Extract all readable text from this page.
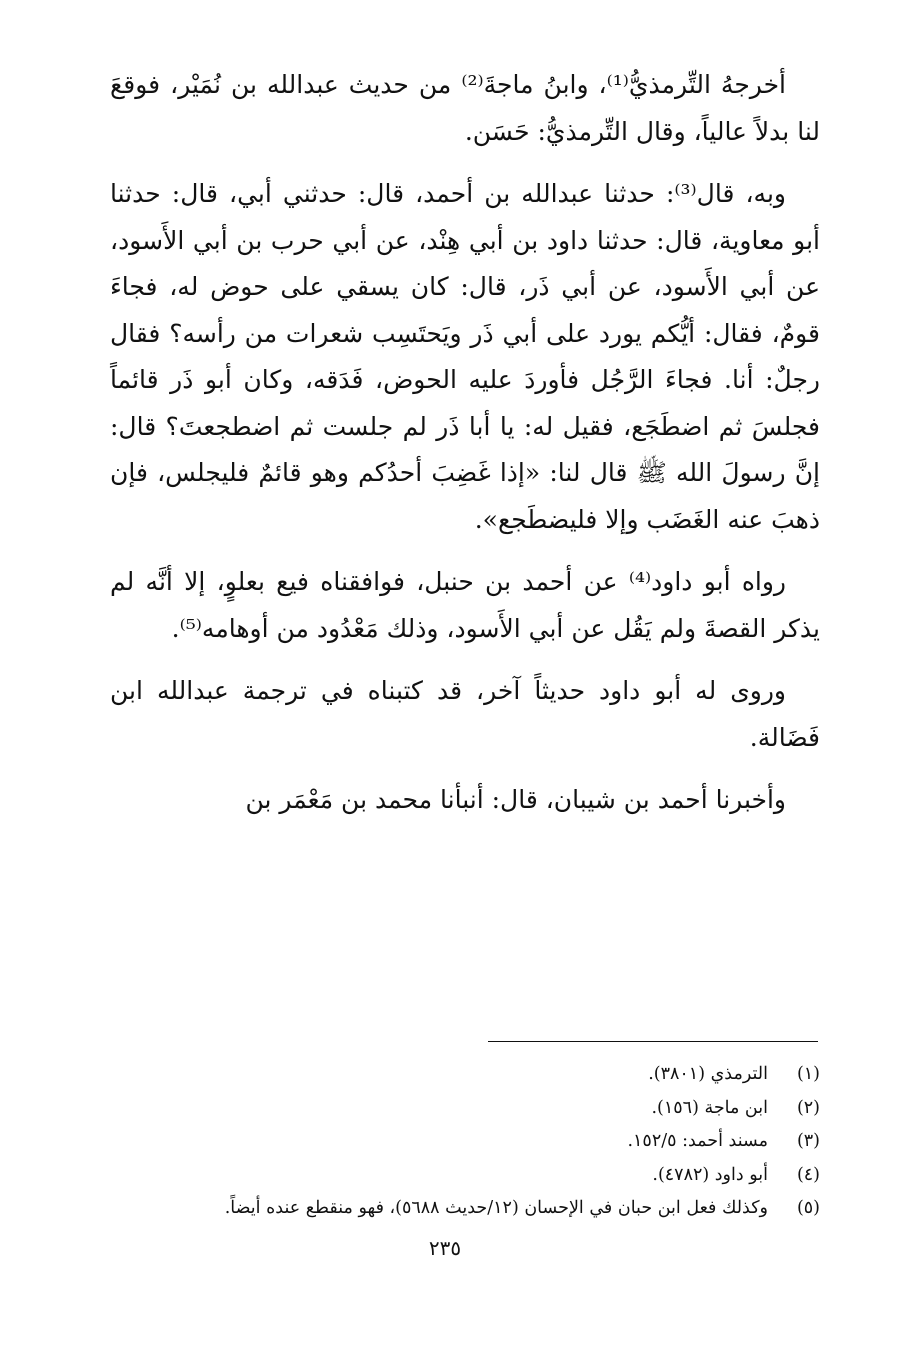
أخرجهُ التِّرمذيُّ⁽¹⁾، وابنُ ماجةَ⁽²⁾ من حديث عبدالله بن نُمَيْر، فوقعَ لنا بدلاً عالياً، وقال التِّرمذيُّ: حَسَن.

وبه، قال⁽³⁾: حدثنا عبدالله بن أحمد، قال: حدثني أبي، قال: حدثنا أبو معاوية، قال: حدثنا داود بن أبي هِنْد، عن أبي حرب بن أبي الأَسود، عن أبي الأَسود، عن أبي ذَر، قال: كان يسقي على حوض له، فجاءَ قومٌ، فقال: أيُّكم يورد على أبي ذَر ويَحتَسِب شعرات من رأسه؟ فقال رجلٌ: أنا. فجاءَ الرَّجُل فأوردَ عليه الحوض، فَدَقه، وكان أبو ذَر قائماً فجلسَ ثم اضطَجَع، فقيل له: يا أبا ذَر لم جلست ثم اضطجعتَ؟ قال: إنَّ رسولَ الله ﷺ قال لنا: «إذا غَضِبَ أحدُكم وهو قائمٌ فليجلس، فإن ذهبَ عنه الغَضَب وإلا فليضطَجع».

رواه أبو داود⁽⁴⁾ عن أحمد بن حنبل، فوافقناه فيع بعلوٍ، إلا أنَّه لم يذكر القصةَ ولم يَقُل عن أبي الأَسود، وذلك مَعْدُود من أوهامه⁽⁵⁾.

وروى له أبو داود حديثاً آخر، قد كتبناه في ترجمة عبدالله ابن فَضَالة.

وأخبرنا أحمد بن شيبان، قال: أنبأنا محمد بن مَعْمَر بن

(١)
الترمذي (٣٨٠١).
(٢)
ابن ماجة (١٥٦).
(٣)
مسند أحمد: ١٥٢/٥.
(٤)
أبو داود (٤٧٨٢).
(٥)
وكذلك فعل ابن حبان في الإحسان (١٢/حديث ٥٦٨٨)، فهو منقطع عنده أيضاً.
٢٣٥
